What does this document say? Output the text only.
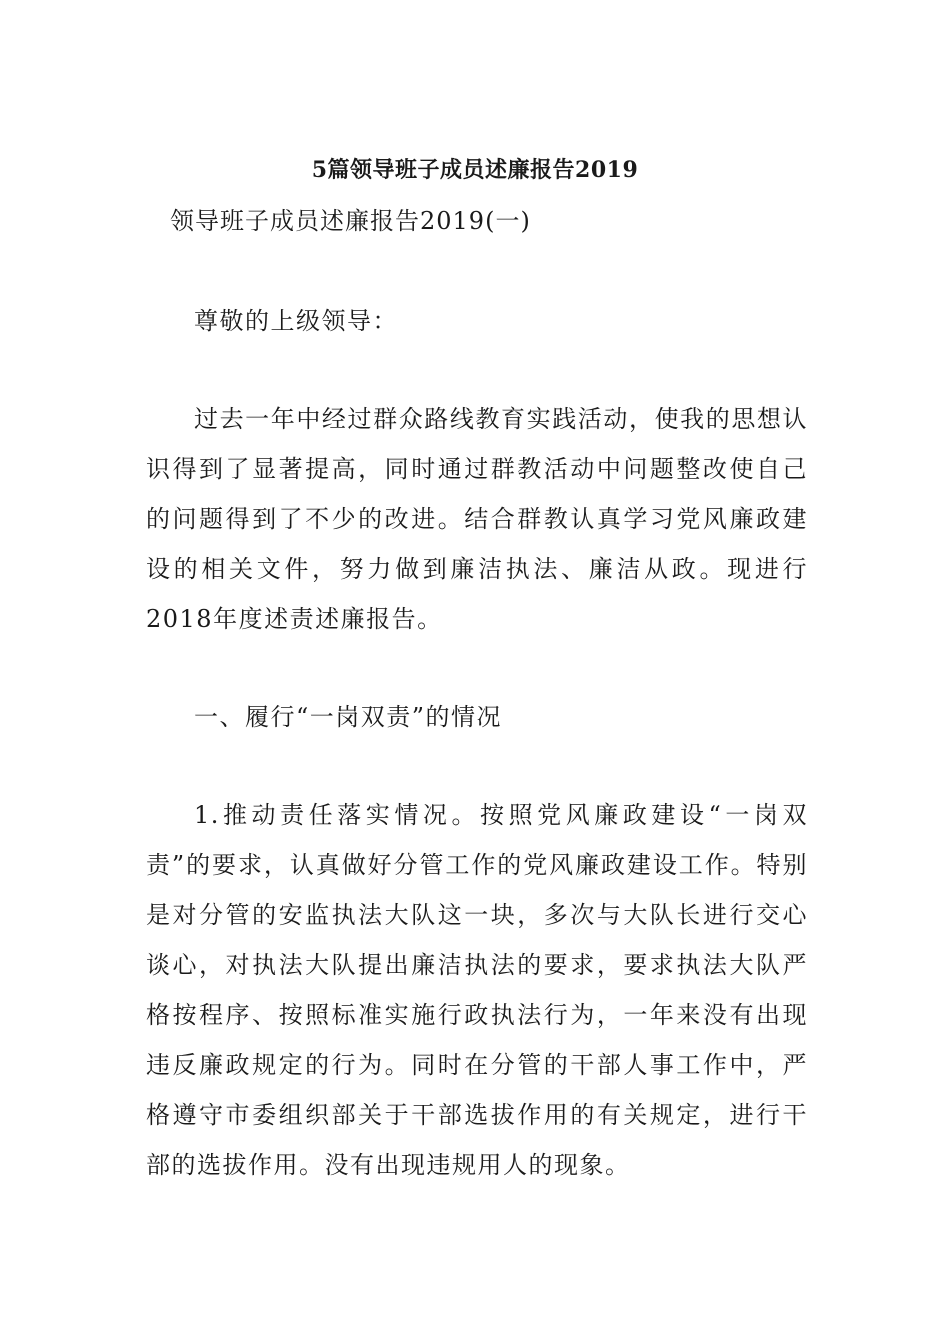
5篇领导班子成员述廉报告2019
领导班子成员述廉报告2019(一)

尊敬的上级领导：

过去一年中经过群众路线教育实践活动，使我的思想认识得到了显著提高，同时通过群教活动中问题整改使自己的问题得到了不少的改进。结合群教认真学习党风廉政建设的相关文件，努力做到廉洁执法、廉洁从政。现进行2018年度述责述廉报告。

一、履行“一岗双责”的情况

1.推动责任落实情况。按照党风廉政建设“一岗双责”的要求，认真做好分管工作的党风廉政建设工作。特别是对分管的安监执法大队这一块，多次与大队长进行交心谈心，对执法大队提出廉洁执法的要求，要求执法大队严格按程序、按照标准实施行政执法行为，一年来没有出现违反廉政规定的行为。同时在分管的干部人事工作中，严格遵守市委组织部关于干部选拔作用的有关规定，进行干部的选拔作用。没有出现违规用人的现象。
